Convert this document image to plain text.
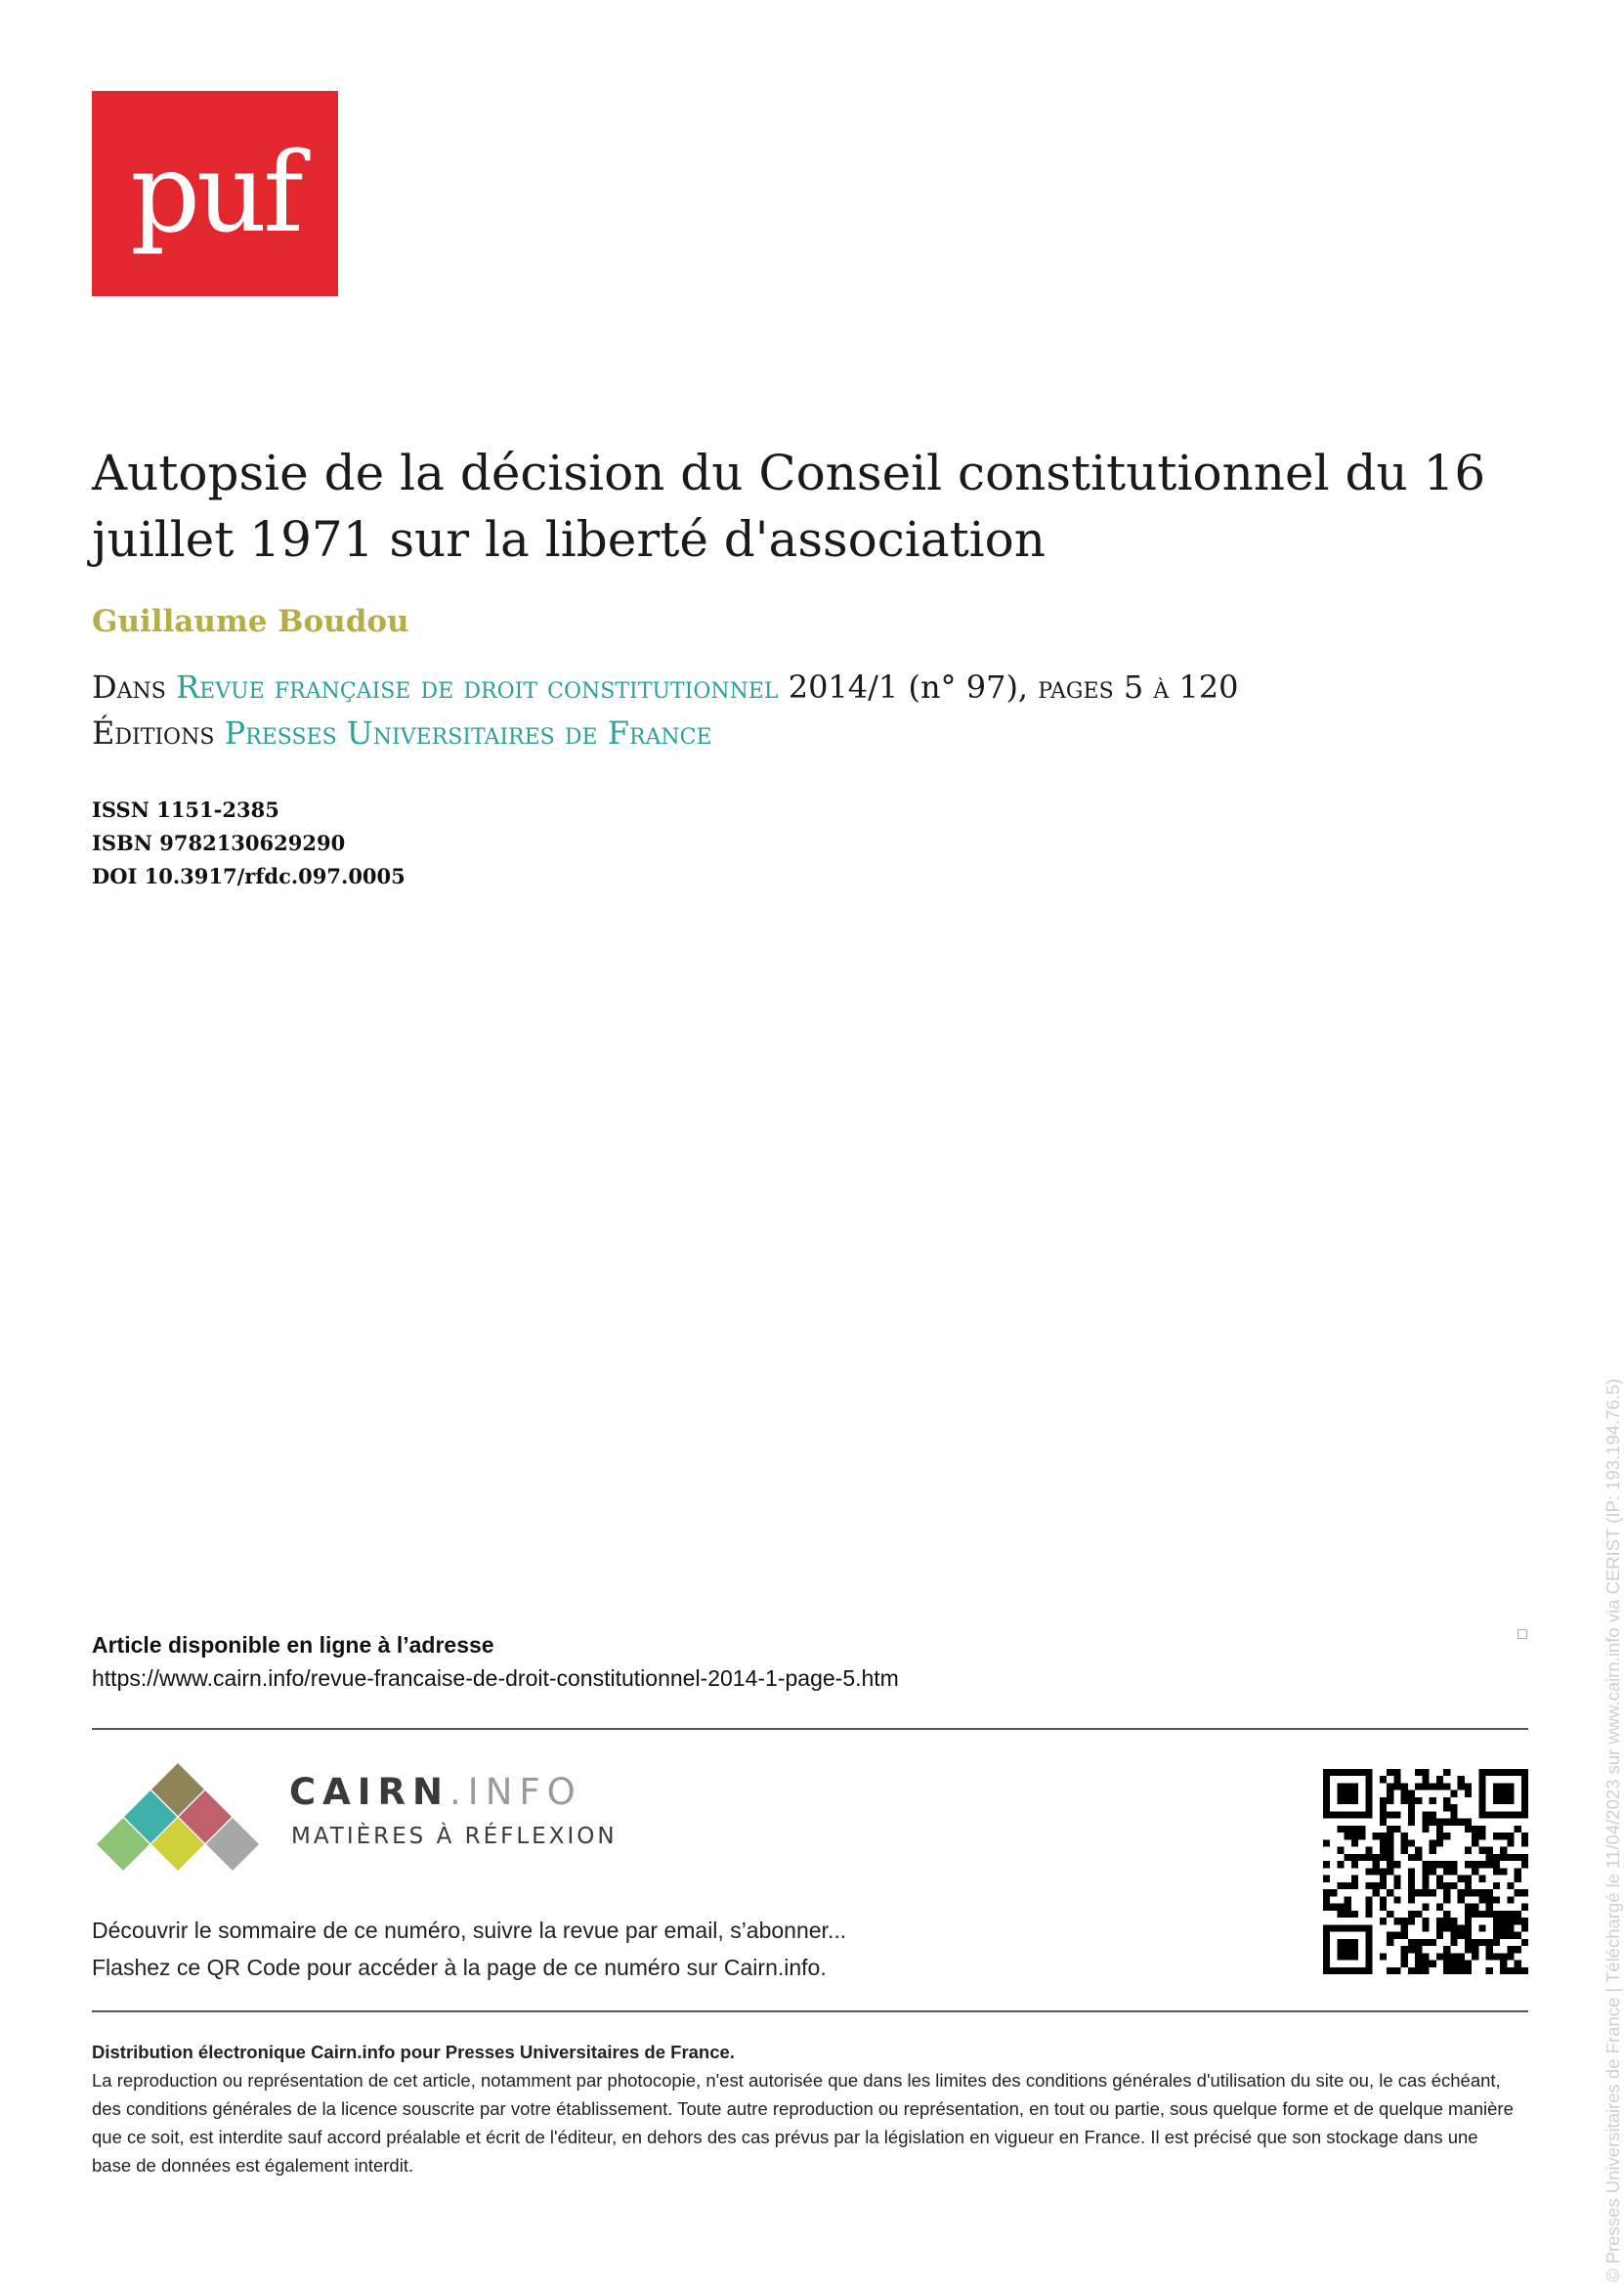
puf
Autopsie de la décision du Conseil constitutionnel du 16 juillet 1971 sur la liberté d'association
Guillaume Boudou
Dans Revue française de droit constitutionnel 2014/1 (n° 97), pages 5 à 120
Éditions Presses Universitaires de France
ISSN 1151-2385
ISBN 9782130629290
DOI 10.3917/rfdc.097.0005
Article disponible en ligne à l’adresse
https://www.cairn.info/revue-francaise-de-droit-constitutionnel-2014-1-page-5.htm
CAIRN.INFO
MATIÈRES À RÉFLEXION
Découvrir le sommaire de ce numéro, suivre la revue par email, s’abonner...
Flashez ce QR Code pour accéder à la page de ce numéro sur Cairn.info.
Distribution électronique Cairn.info pour Presses Universitaires de France.
La reproduction ou représentation de cet article, notamment par photocopie, n'est autorisée que dans les limites des conditions générales d'utilisation du site ou, le cas échéant, des conditions générales de la licence souscrite par votre établissement. Toute autre reproduction ou représentation, en tout ou partie, sous quelque forme et de quelque manière que ce soit, est interdite sauf accord préalable et écrit de l'éditeur, en dehors des cas prévus par la législation en vigueur en France. Il est précisé que son stockage dans une base de données est également interdit.	© Presses Universitaires de France | Téléchargé le 11/04/2023 sur www.cairn.info via CERIST (IP: 193.194.76.5)
